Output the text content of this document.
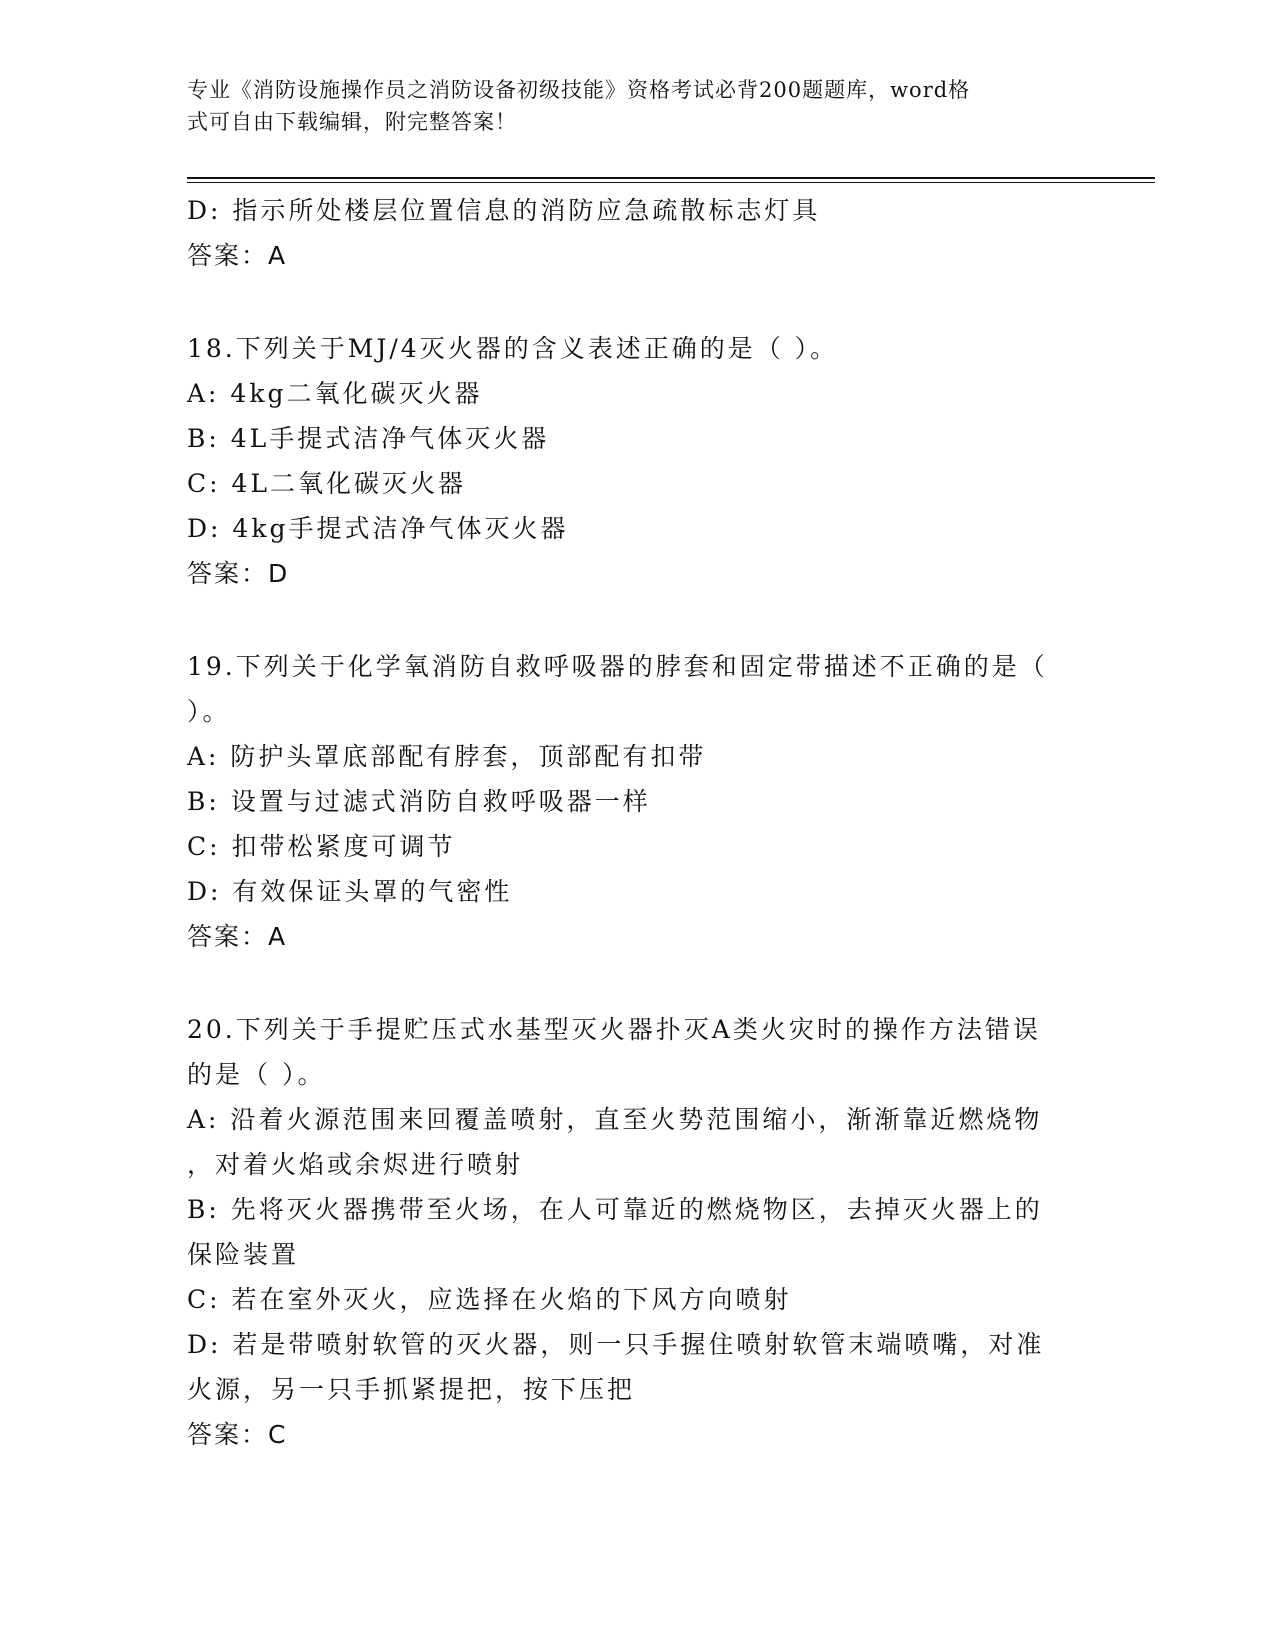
专业《消防设施操作员之消防设备初级技能》资格考试必背200题题库，word格
式可自由下载编辑，附完整答案！
D: 指示所处楼层位置信息的消防应急疏散标志灯具
答案：A
18.下列关于MJ/4灭火器的含义表述正确的是（ ）。
A: 4kg二氧化碳灭火器
B: 4L手提式洁净气体灭火器
C: 4L二氧化碳灭火器
D: 4kg手提式洁净气体灭火器
答案：D
19.下列关于化学氧消防自救呼吸器的脖套和固定带描述不正确的是（
）。
A: 防护头罩底部配有脖套，顶部配有扣带
B: 设置与过滤式消防自救呼吸器一样
C: 扣带松紧度可调节
D: 有效保证头罩的气密性
答案：A
20.下列关于手提贮压式水基型灭火器扑灭A类火灾时的操作方法错误
的是（ ）。
A: 沿着火源范围来回覆盖喷射，直至火势范围缩小，渐渐靠近燃烧物
，对着火焰或余烬进行喷射
B: 先将灭火器携带至火场，在人可靠近的燃烧物区，去掉灭火器上的
保险装置
C: 若在室外灭火，应选择在火焰的下风方向喷射
D: 若是带喷射软管的灭火器，则一只手握住喷射软管末端喷嘴，对准
火源，另一只手抓紧提把，按下压把
答案：C
